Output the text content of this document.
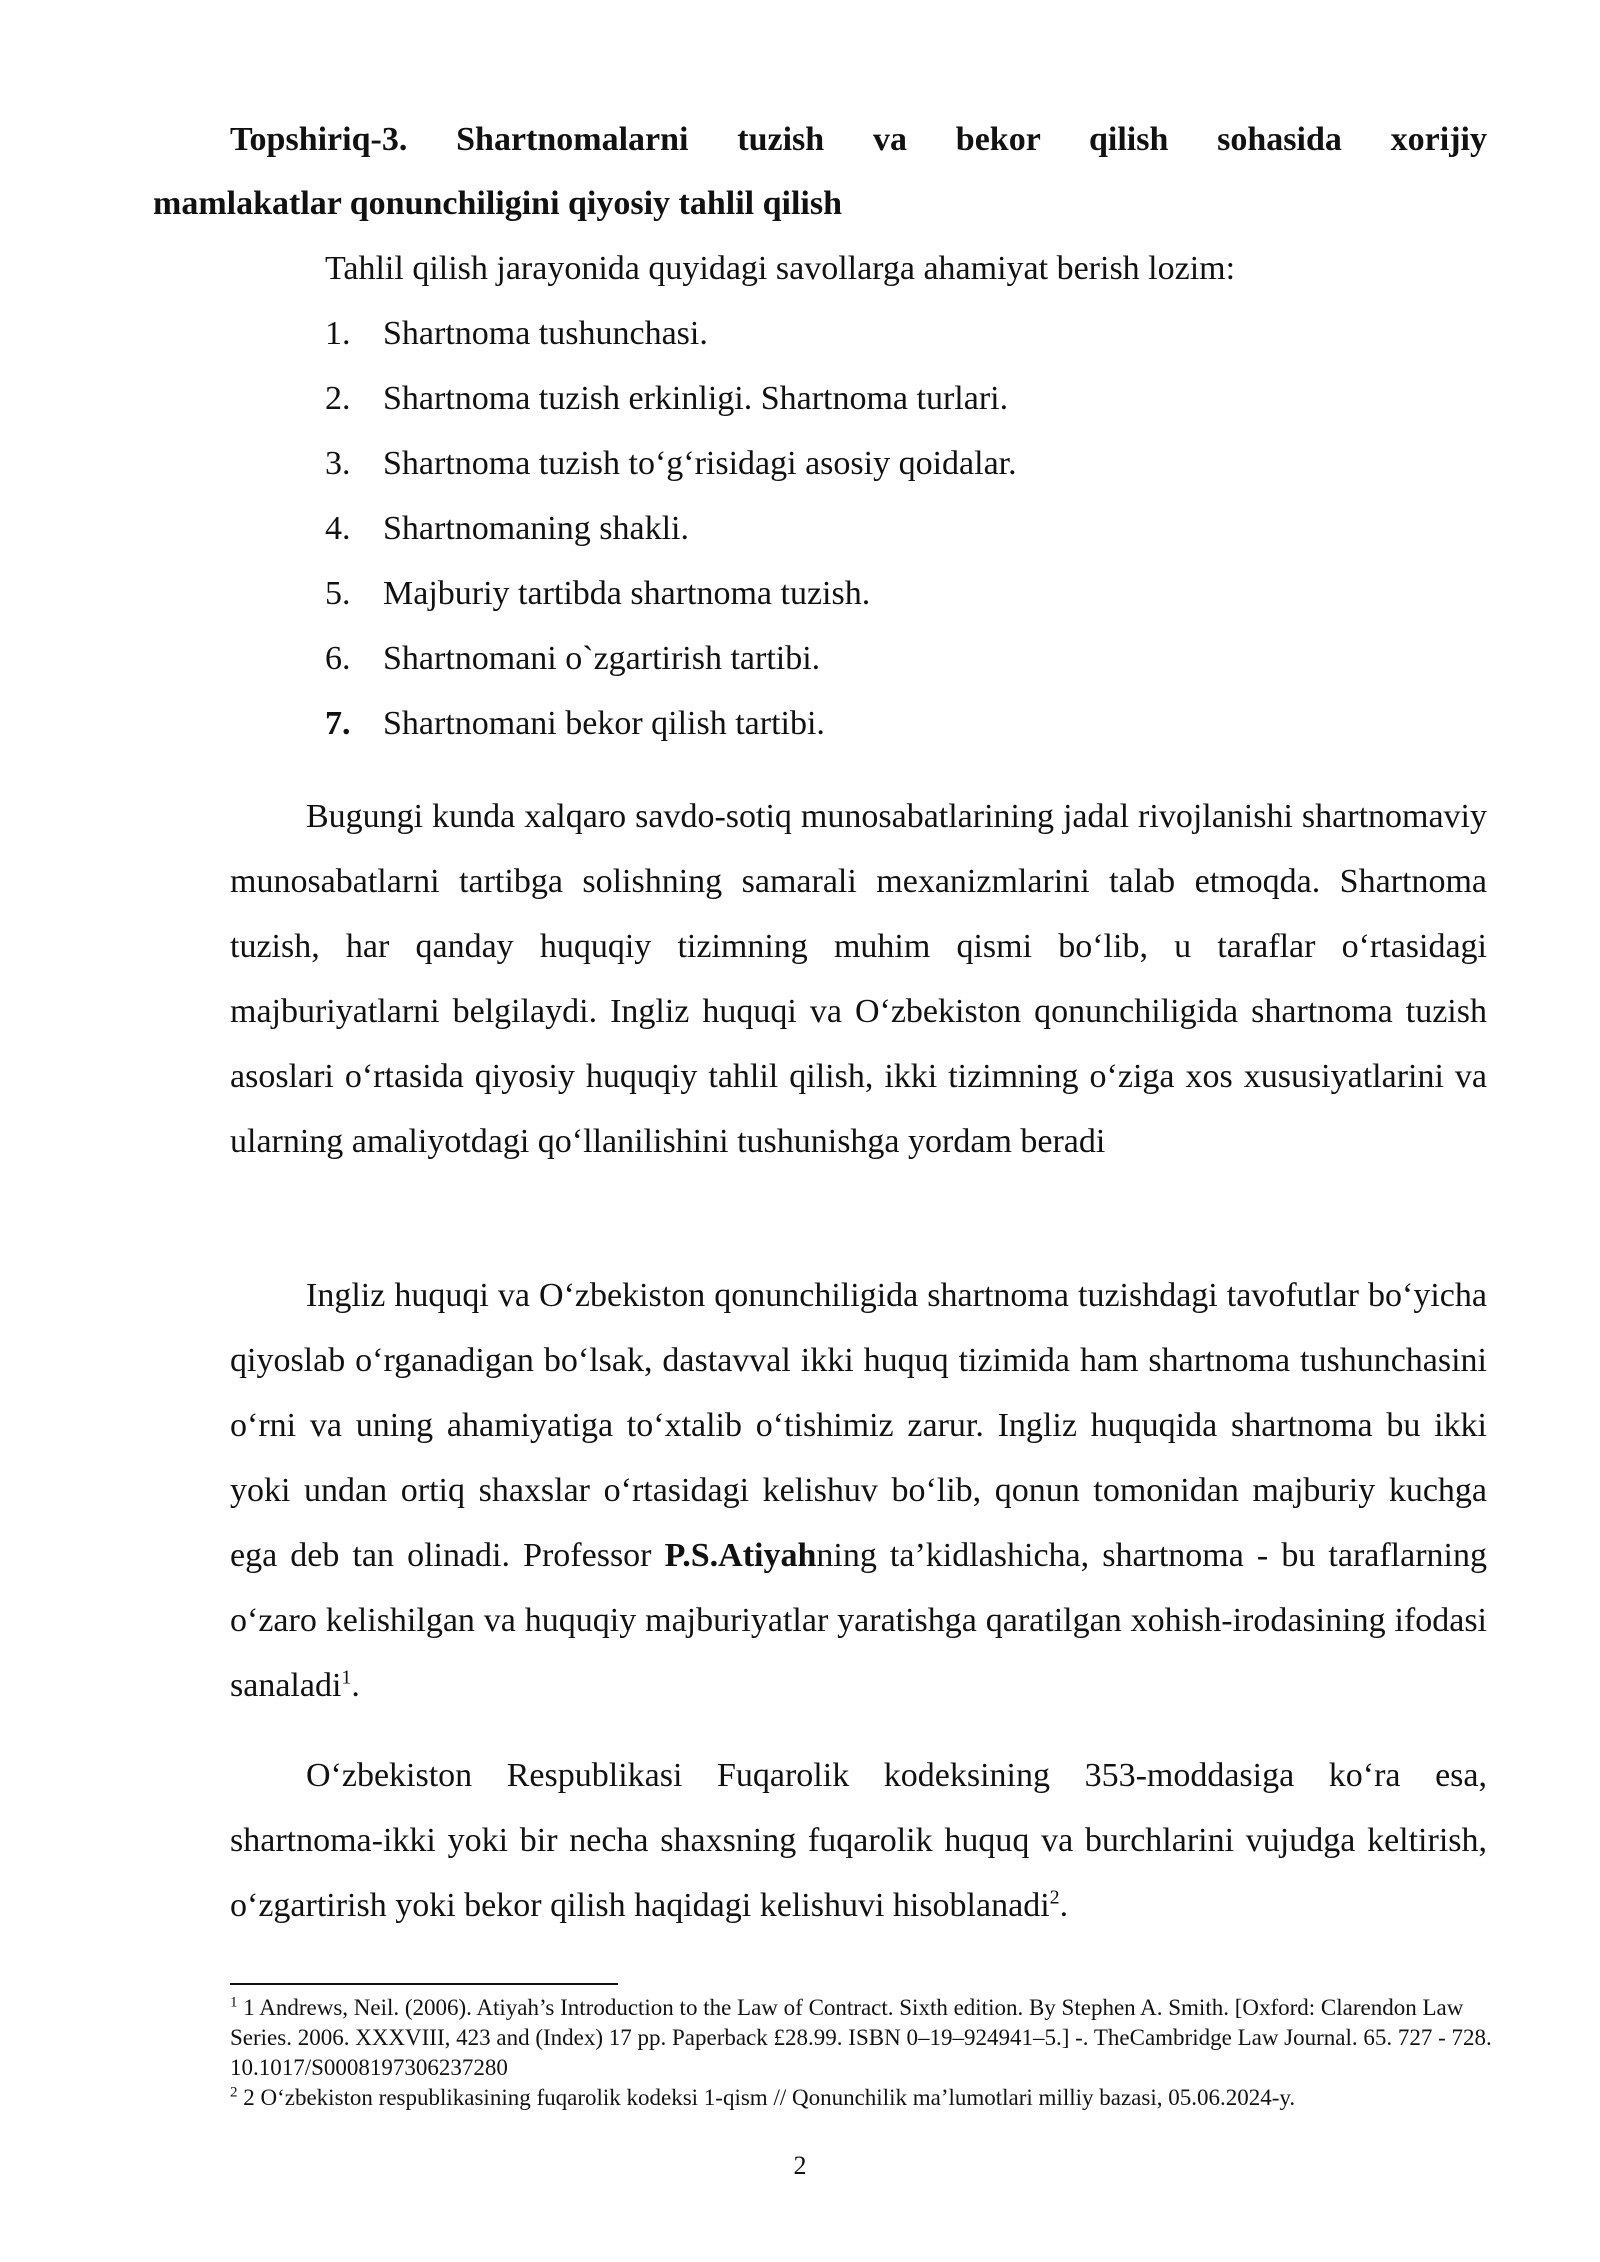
Topshiriq-3. Shartnomalarni tuzish va bekor qilish sohasida xorijiy
mamlakatlar qonunchiligini qiyosiy tahlil qilish

Tahlil qilish jarayonida quyidagi savollarga ahamiyat berish lozim:

1. Shartnoma tushunchasi.
2. Shartnoma tuzish erkinligi. Shartnoma turlari.
3. Shartnoma tuzish to‘g‘risidagi asosiy qoidalar.
4. Shartnomaning shakli.
5. Majburiy tartibda shartnoma tuzish.
6. Shartnomani o`zgartirish tartibi.
7. Shartnomani bekor qilish tartibi.

Bugungi kunda xalqaro savdo-sotiq munosabatlarining jadal rivojlanishi shartnomaviy munosabatlarni tartibga solishning samarali mexanizmlarini talab etmoqda. Shartnoma tuzish, har qanday huquqiy tizimning muhim qismi bo‘lib, u taraflar o‘rtasidagi majburiyatlarni belgilaydi. Ingliz huquqi va O‘zbekiston qonunchiligida shartnoma tuzish asoslari o‘rtasida qiyosiy huquqiy tahlil qilish, ikki tizimning o‘ziga xos xususiyatlarini va ularning amaliyotdagi qo‘llanilishini tushunishga yordam beradi

Ingliz huquqi va O‘zbekiston qonunchiligida shartnoma tuzishdagi tavofutlar bo‘yicha qiyoslab o‘rganadigan bo‘lsak, dastavval ikki huquq tizimida ham shartnoma tushunchasini o‘rni va uning ahamiyatiga to‘xtalib o‘tishimiz zarur. Ingliz huquqida shartnoma bu ikki yoki undan ortiq shaxslar o‘rtasidagi kelishuv bo‘lib, qonun tomonidan majburiy kuchga ega deb tan olinadi. Professor P.S.Atiyahning ta’kidlashicha, shartnoma - bu taraflarning o‘zaro kelishilgan va huquqiy majburiyatlar yaratishga qaratilgan xohish-irodasining ifodasi sanaladi$^1$.

O‘zbekiston Respublikasi Fuqarolik kodeksining 353-moddasiga ko‘ra esa, shartnoma-ikki yoki bir necha shaxsning fuqarolik huquq va burchlarini vujudga keltirish, o‘zgartirish yoki bekor qilish haqidagi kelishuvi hisoblanadi$^2$.

$^1$ 1 Andrews, Neil. (2006). Atiyah’s Introduction to the Law of Contract. Sixth edition. By Stephen A. Smith. [Oxford: Clarendon Law Series. 2006. XXXVIII, 423 and (Index) 17 pp. Paperback £28.99. ISBN 0–19–924941–5.] -. TheCambridge Law Journal. 65. 727 - 728. 10.1017/S0008197306237280

$^2$ 2 O‘zbekiston respublikasining fuqarolik kodeksi 1-qism // Qonunchilik ma’lumotlari milliy bazasi, 05.06.2024-y.

2
